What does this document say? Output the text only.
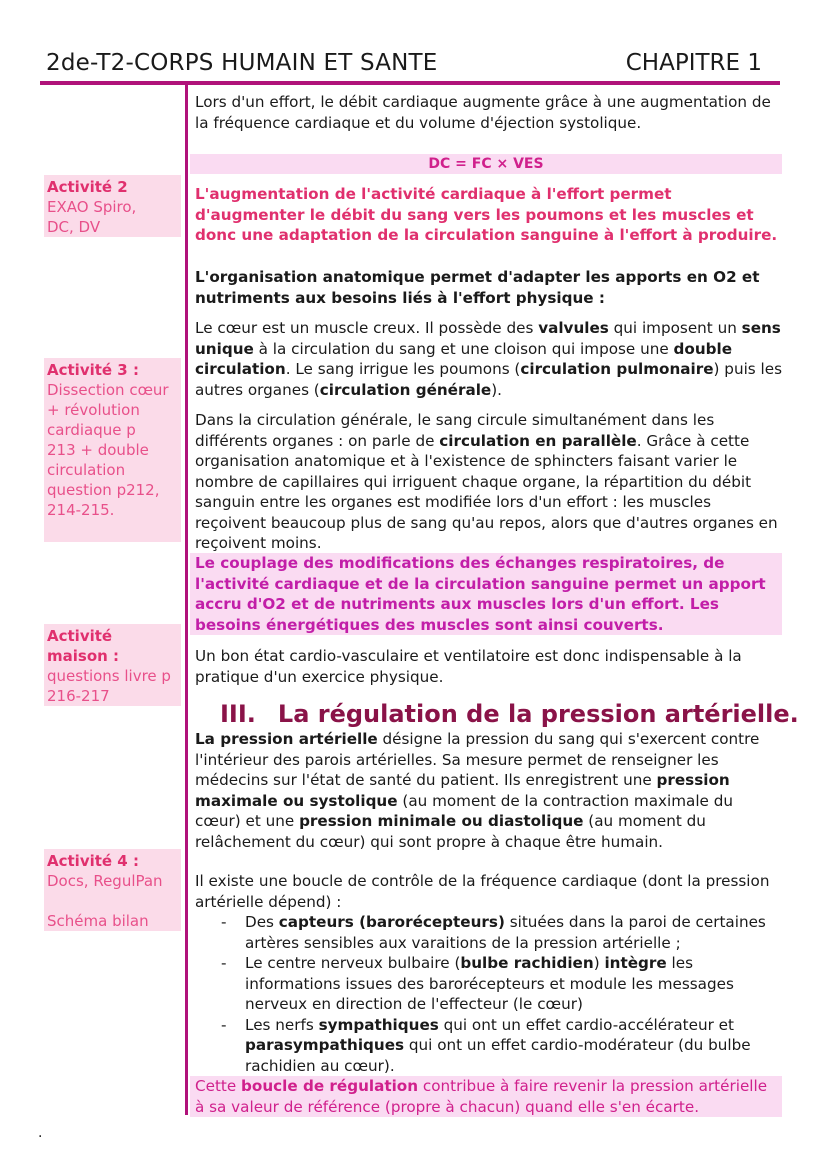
2de-T2-CORPS HUMAIN ET SANTE	CHAPITRE 1
Activité 2
EXAO Spiro,
DC, DV
Activité 3 :
Dissection cœur
+ révolution
cardiaque p
213 + double
circulation
question p212,
214-215.
Activité
maison :
questions livre p
216-217
Activité 4 :
Docs, RegulPan
Schéma bilan
Lors d'un effort, le débit cardiaque augmente grâce à une augmentation de la fréquence cardiaque et du volume d'éjection systolique.
DC = FC × VES
L'augmentation de l'activité cardiaque à l'effort permet d'augmenter le débit du sang vers les poumons et les muscles et donc une adaptation de la circulation sanguine à l'effort à produire.
L'organisation anatomique permet d'adapter les apports en O2 et nutriments aux besoins liés à l'effort physique :
Le cœur est un muscle creux. Il possède des valvules qui imposent un sens unique à la circulation du sang et une cloison qui impose une double circulation. Le sang irrigue les poumons (circulation pulmonaire) puis les autres organes (circulation générale).
Dans la circulation générale, le sang circule simultanément dans les différents organes : on parle de circulation en parallèle. Grâce à cette organisation anatomique et à l'existence de sphincters faisant varier le nombre de capillaires qui irriguent chaque organe, la répartition du débit sanguin entre les organes est modifiée lors d'un effort : les muscles reçoivent beaucoup plus de sang qu'au repos, alors que d'autres organes en reçoivent moins.
Le couplage des modifications des échanges respiratoires, de l'activité cardiaque et de la circulation sanguine permet un apport accru d'O2 et de nutriments aux muscles lors d'un effort. Les besoins énergétiques des muscles sont ainsi couverts.
Un bon état cardio-vasculaire et ventilatoire est donc indispensable à la pratique d'un exercice physique.
III. La régulation de la pression artérielle.
La pression artérielle désigne la pression du sang qui s'exercent contre l'intérieur des parois artérielles. Sa mesure permet de renseigner les médecins sur l'état de santé du patient. Ils enregistrent une pression maximale ou systolique (au moment de la contraction maximale du cœur) et une pression minimale ou diastolique (au moment du relâchement du cœur) qui sont propre à chaque être humain.
Il existe une boucle de contrôle de la fréquence cardiaque (dont la pression artérielle dépend) :
- Des capteurs (barorécepteurs) situées dans la paroi de certaines artères sensibles aux varaitions de la pression artérielle ;
- Le centre nerveux bulbaire (bulbe rachidien) intègre les informations issues des barorécepteurs et module les messages nerveux en direction de l'effecteur (le cœur)
- Les nerfs sympathiques qui ont un effet cardio-accélérateur et parasympathiques qui ont un effet cardio-modérateur (du bulbe rachidien au cœur).
Cette boucle de régulation contribue à faire revenir la pression artérielle à sa valeur de référence (propre à chacun) quand elle s'en écarte.
.
